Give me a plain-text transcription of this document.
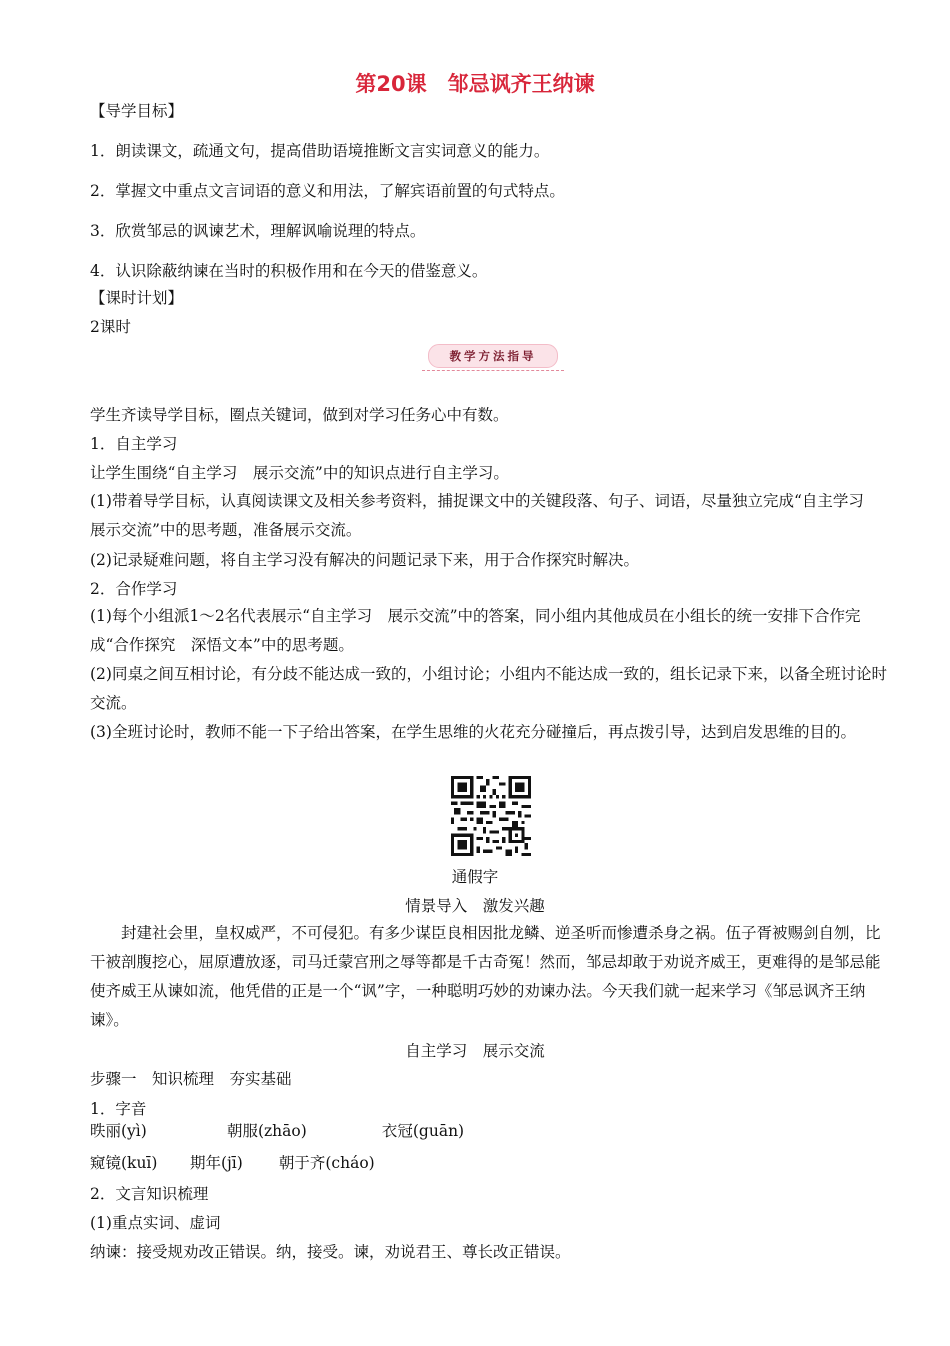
第20课　邹忌讽齐王纳谏
【导学目标】
1．朗读课文，疏通文句，提高借助语境推断文言实词意义的能力。
2．掌握文中重点文言词语的意义和用法，了解宾语前置的句式特点。
3．欣赏邹忌的讽谏艺术，理解讽喻说理的特点。
4．认识除蔽纳谏在当时的积极作用和在今天的借鉴意义。
【课时计划】
2课时
教学方法指导
学生齐读导学目标，圈点关键词，做到对学习任务心中有数。
1．自主学习
让学生围绕“自主学习　展示交流”中的知识点进行自主学习。
(1)带着导学目标，认真阅读课文及相关参考资料，捕捉课文中的关键段落、句子、词语，尽量独立完成“自主学习　展示交流”中的思考题，准备展示交流。
(2)记录疑难问题，将自主学习没有解决的问题记录下来，用于合作探究时解决。
2．合作学习
(1)每个小组派1～2名代表展示“自主学习　展示交流”中的答案，同小组内其他成员在小组长的统一安排下合作完成“合作探究　深悟文本”中的思考题。
(2)同桌之间互相讨论，有分歧不能达成一致的，小组讨论；小组内不能达成一致的，组长记录下来，以备全班讨论时交流。
(3)全班讨论时，教师不能一下子给出答案，在学生思维的火花充分碰撞后，再点拨引导，达到启发思维的目的。
通假字
情景导入　激发兴趣
封建社会里，皇权威严，不可侵犯。有多少谋臣良相因批龙鳞、逆圣听而惨遭杀身之祸。伍子胥被赐剑自刎，比干被剖腹挖心，屈原遭放逐，司马迁蒙宫刑之辱等都是千古奇冤！然而，邹忌却敢于劝说齐威王，更难得的是邹忌能使齐威王从谏如流，他凭借的正是一个“讽”字，一种聪明巧妙的劝谏办法。今天我们就一起来学习《邹忌讽齐王纳谏》。
自主学习　展示交流
步骤一　知识梳理　夯实基础
1．字音
昳丽(yì)	朝服(zhāo)	衣冠(guān)
窥镜(kuī) 期年(jī) 朝于齐(cháo)
2．文言知识梳理
(1)重点实词、虚词
纳谏：接受规劝改正错误。纳，接受。谏，劝说君王、尊长改正错误。
